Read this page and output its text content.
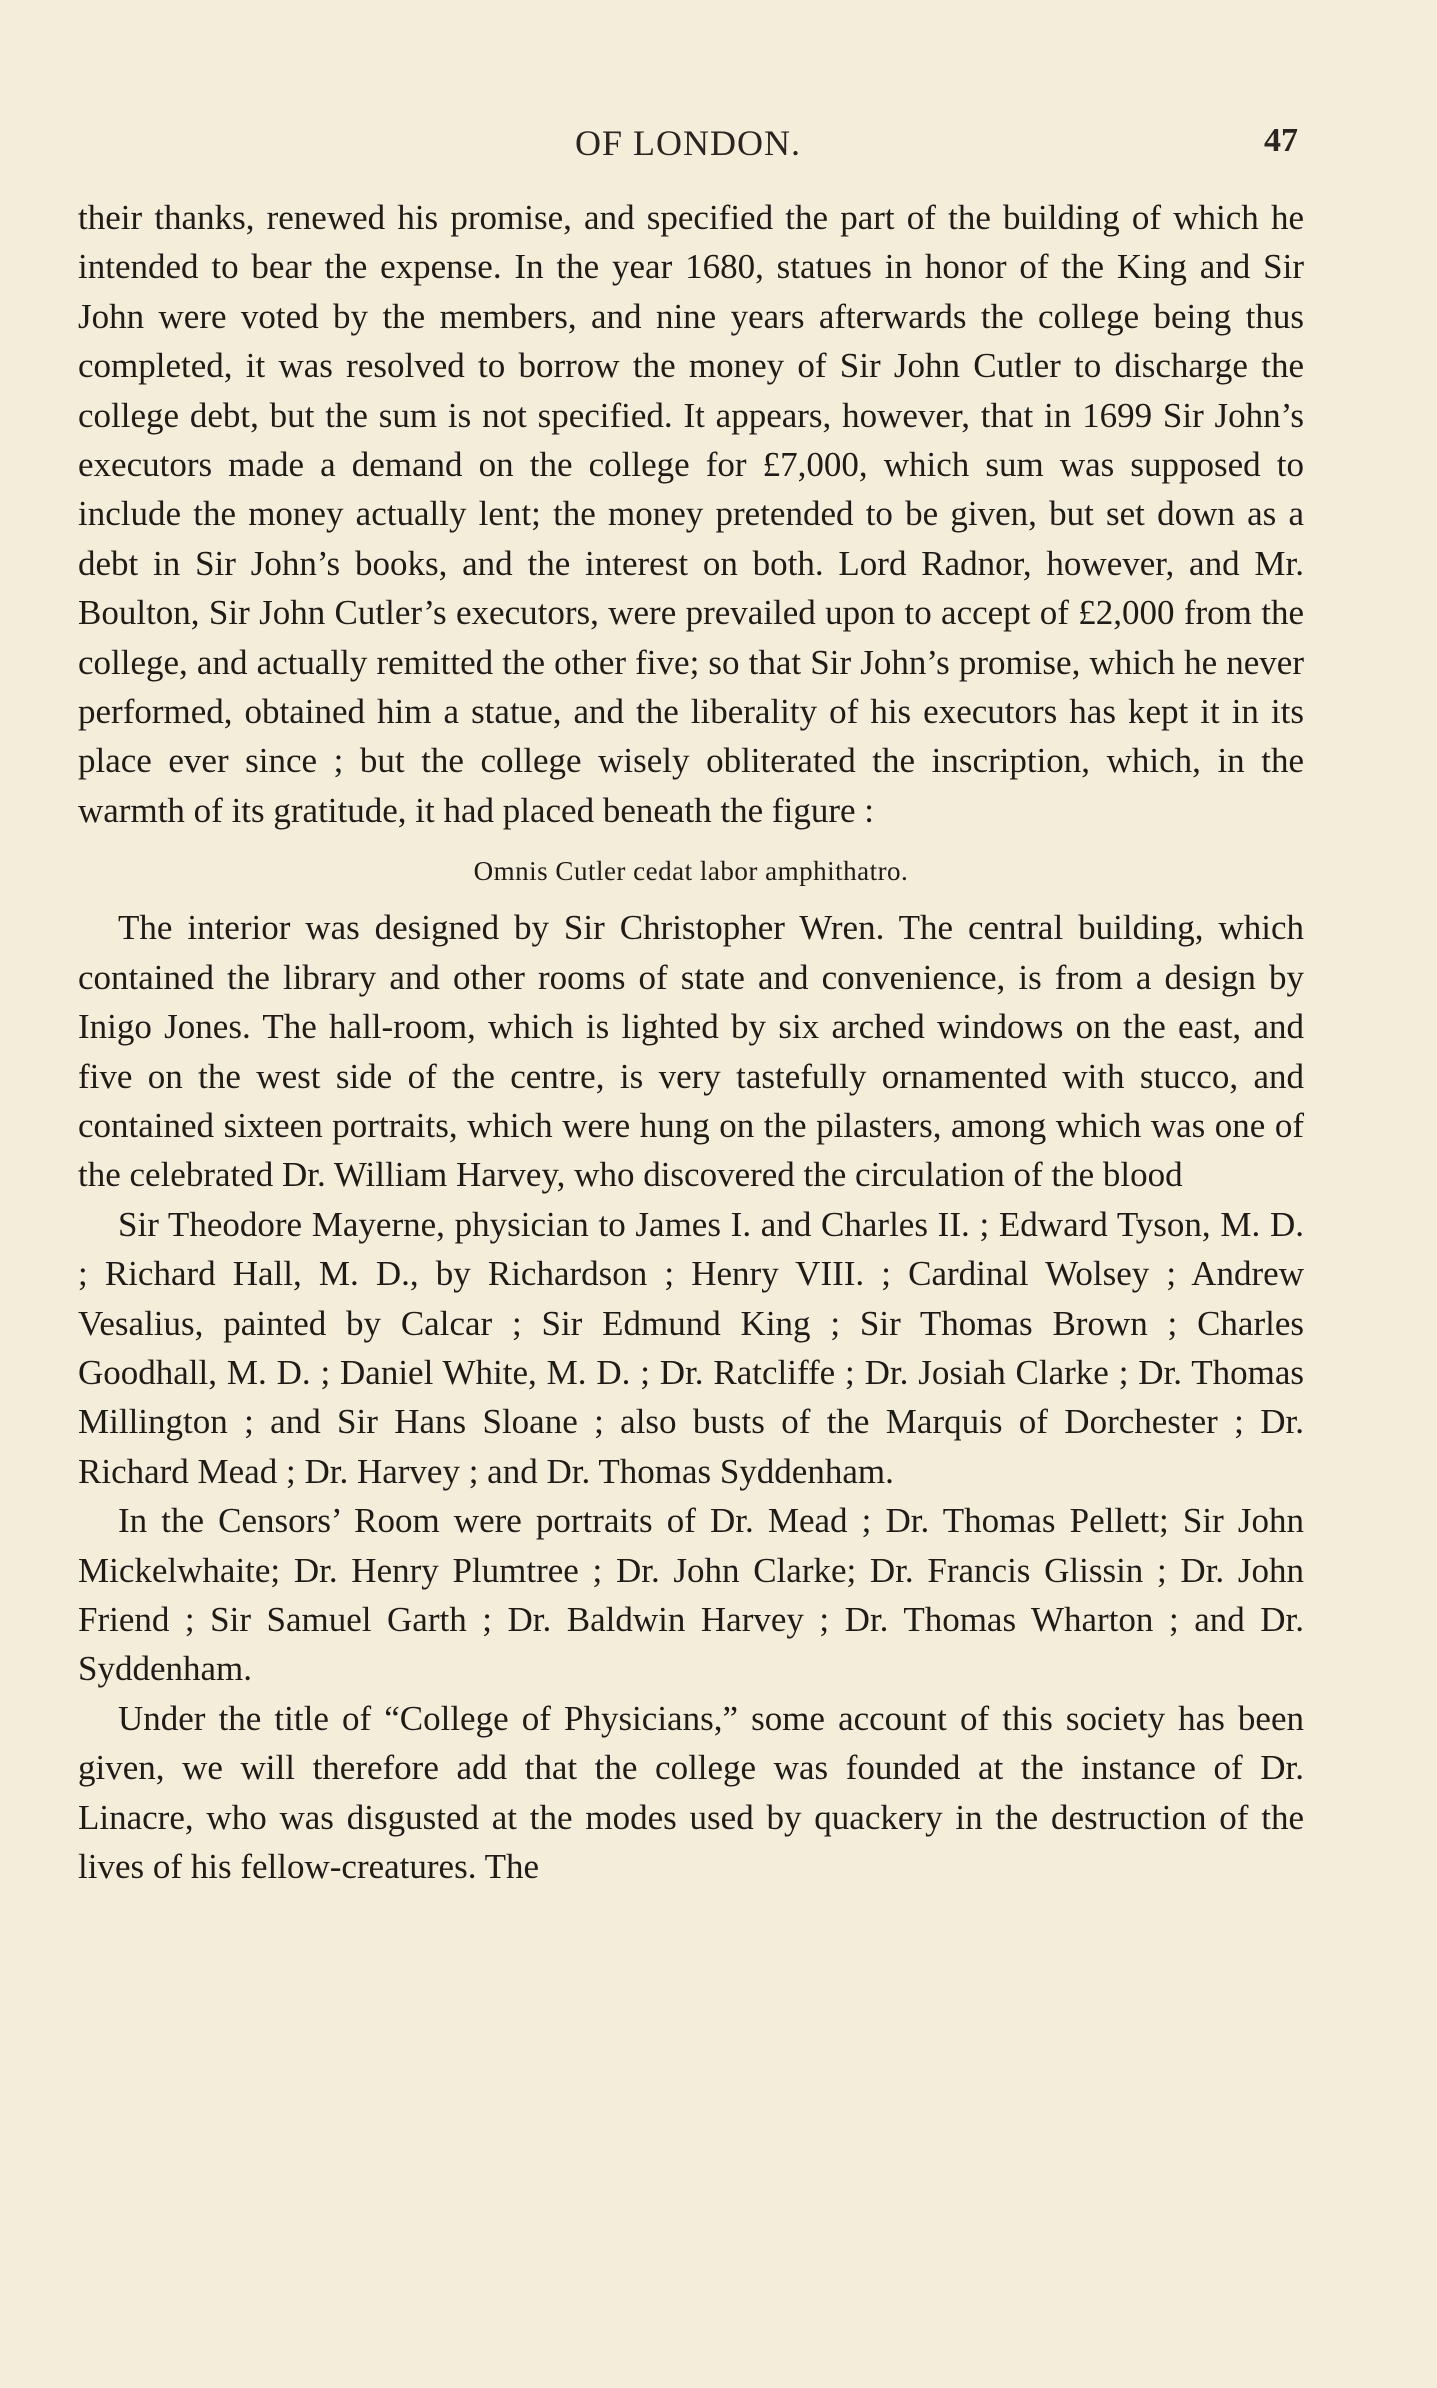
OF LONDON.	47

their thanks, renewed his promise, and specified the part of the building of which he intended to bear the expense. In the year 1680, statues in honor of the King and Sir John were voted by the members, and nine years afterwards the college being thus completed, it was resolved to borrow the money of Sir John Cutler to discharge the college debt, but the sum is not specified. It appears, however, that in 1699 Sir John’s executors made a demand on the college for £7,000, which sum was supposed to include the money actually lent; the money pretended to be given, but set down as a debt in Sir John’s books, and the interest on both. Lord Radnor, however, and Mr. Boulton, Sir John Cutler’s executors, were prevailed upon to accept of £2,000 from the college, and actually remitted the other five; so that Sir John’s promise, which he never performed, obtained him a statue, and the liberality of his executors has kept it in its place ever since ; but the college wisely obliterated the inscription, which, in the warmth of its gratitude, it had placed beneath the figure :

Omnis Cutler cedat labor amphithatro.

The interior was designed by Sir Christopher Wren. The central building, which contained the library and other rooms of state and convenience, is from a design by Inigo Jones. The hall-room, which is lighted by six arched windows on the east, and five on the west side of the centre, is very tastefully ornamented with stucco, and contained sixteen portraits, which were hung on the pilasters, among which was one of the celebrated Dr. William Harvey, who discovered the circulation of the blood

Sir Theodore Mayerne, physician to James I. and Charles II. ; Edward Tyson, M. D. ; Richard Hall, M. D., by Richardson ; Henry VIII. ; Cardinal Wolsey ; Andrew Vesalius, painted by Calcar ; Sir Edmund King ; Sir Thomas Brown ; Charles Goodhall, M. D. ; Daniel White, M. D. ; Dr. Ratcliffe ; Dr. Josiah Clarke ; Dr. Thomas Millington ; and Sir Hans Sloane ; also busts of the Marquis of Dorchester ; Dr. Richard Mead ; Dr. Harvey ; and Dr. Thomas Syddenham.

In the Censors’ Room were portraits of Dr. Mead ; Dr. Thomas Pellett; Sir John Mickelwhaite; Dr. Henry Plumtree ; Dr. John Clarke; Dr. Francis Glissin ; Dr. John Friend ; Sir Samuel Garth ; Dr. Baldwin Harvey ; Dr. Thomas Wharton ; and Dr. Syddenham.

Under the title of “College of Physicians,” some account of this society has been given, we will therefore add that the college was founded at the instance of Dr. Linacre, who was disgusted at the modes used by quackery in the destruction of the lives of his fellow-creatures. The
